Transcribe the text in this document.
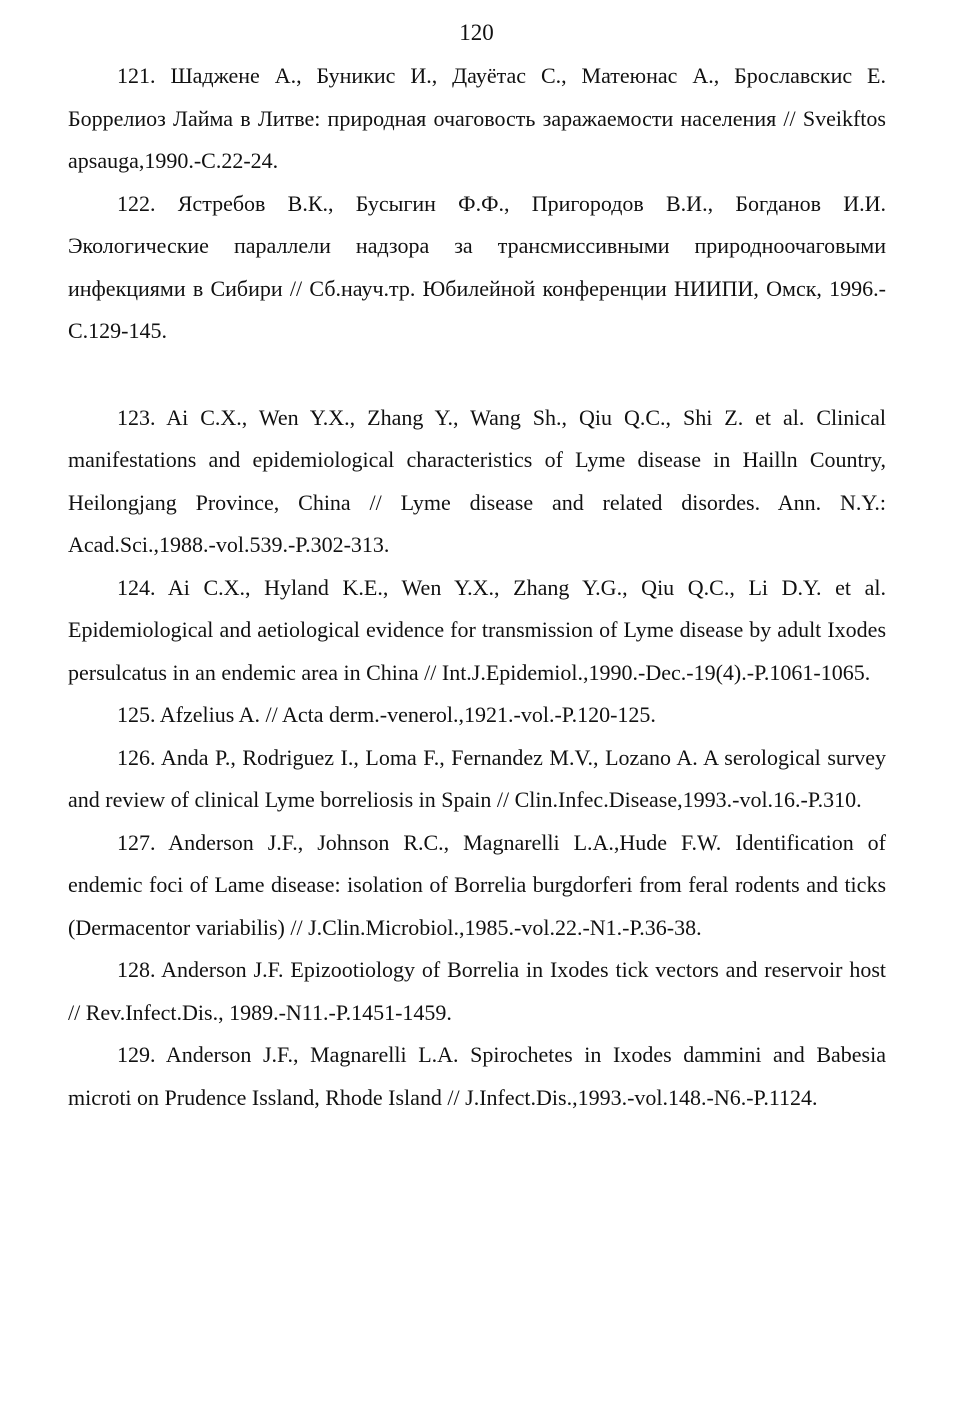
120

121. Шаджене А., Буникис И., Дауётас С., Матеюнас А., Брославскис Е. Боррелиоз Лайма в Литве: природная очаговость заражаемости населения // Sveikftos apsauga,1990.-C.22-24.

122. Ястребов В.К., Бусыгин Ф.Ф., Пригородов В.И., Богданов И.И. Экологические параллели надзора за трансмиссивными природноочаговыми инфекциями в Сибири // Сб.науч.тр. Юбилейной конференции НИИПИ, Омск, 1996.-С.129-145.

123. Ai C.X., Wen Y.X., Zhang Y., Wang Sh., Qiu Q.C., Shi Z. et al. Clinical manifestations and epidemiological characteristics of Lyme disease in Hailln Country, Heilongjang Province, China // Lyme disease and related disordes. Ann. N.Y.: Acad.Sci.,1988.-vol.539.-P.302-313.

124. Ai C.X., Hyland K.E., Wen Y.X., Zhang Y.G., Qiu Q.C., Li D.Y. et al. Epidemiological and aetiological evidence for transmission of Lyme disease by adult Ixodes persulcatus in an endemic area in China // Int.J.Epidemiol.,1990.-Dec.-19(4).-P.1061-1065.

125. Afzelius A. // Acta derm.-venerol.,1921.-vol.-P.120-125.

126. Anda P., Rodriguez I., Loma F., Fernandez M.V., Lozano A. A serological survey and review of clinical Lyme borreliosis in Spain // Clin.Infec.Disease,1993.-vol.16.-P.310.

127. Anderson J.F., Johnson R.C., Magnarelli L.A.,Hude F.W. Identification of endemic foci of Lame disease: isolation of Borrelia burgdorferi from feral rodents and ticks (Dermacentor variabilis) // J.Clin.Microbiol.,1985.-vol.22.-N1.-P.36-38.

128. Anderson J.F. Epizootiology of Borrelia in Ixodes tick vectors and reservoir host // Rev.Infect.Dis., 1989.-N11.-P.1451-1459.

129. Anderson J.F., Magnarelli L.A. Spirochetes in Ixodes dammini and Babesia microti on Prudence Issland, Rhode Island // J.Infect.Dis.,1993.-vol.148.-N6.-P.1124.
